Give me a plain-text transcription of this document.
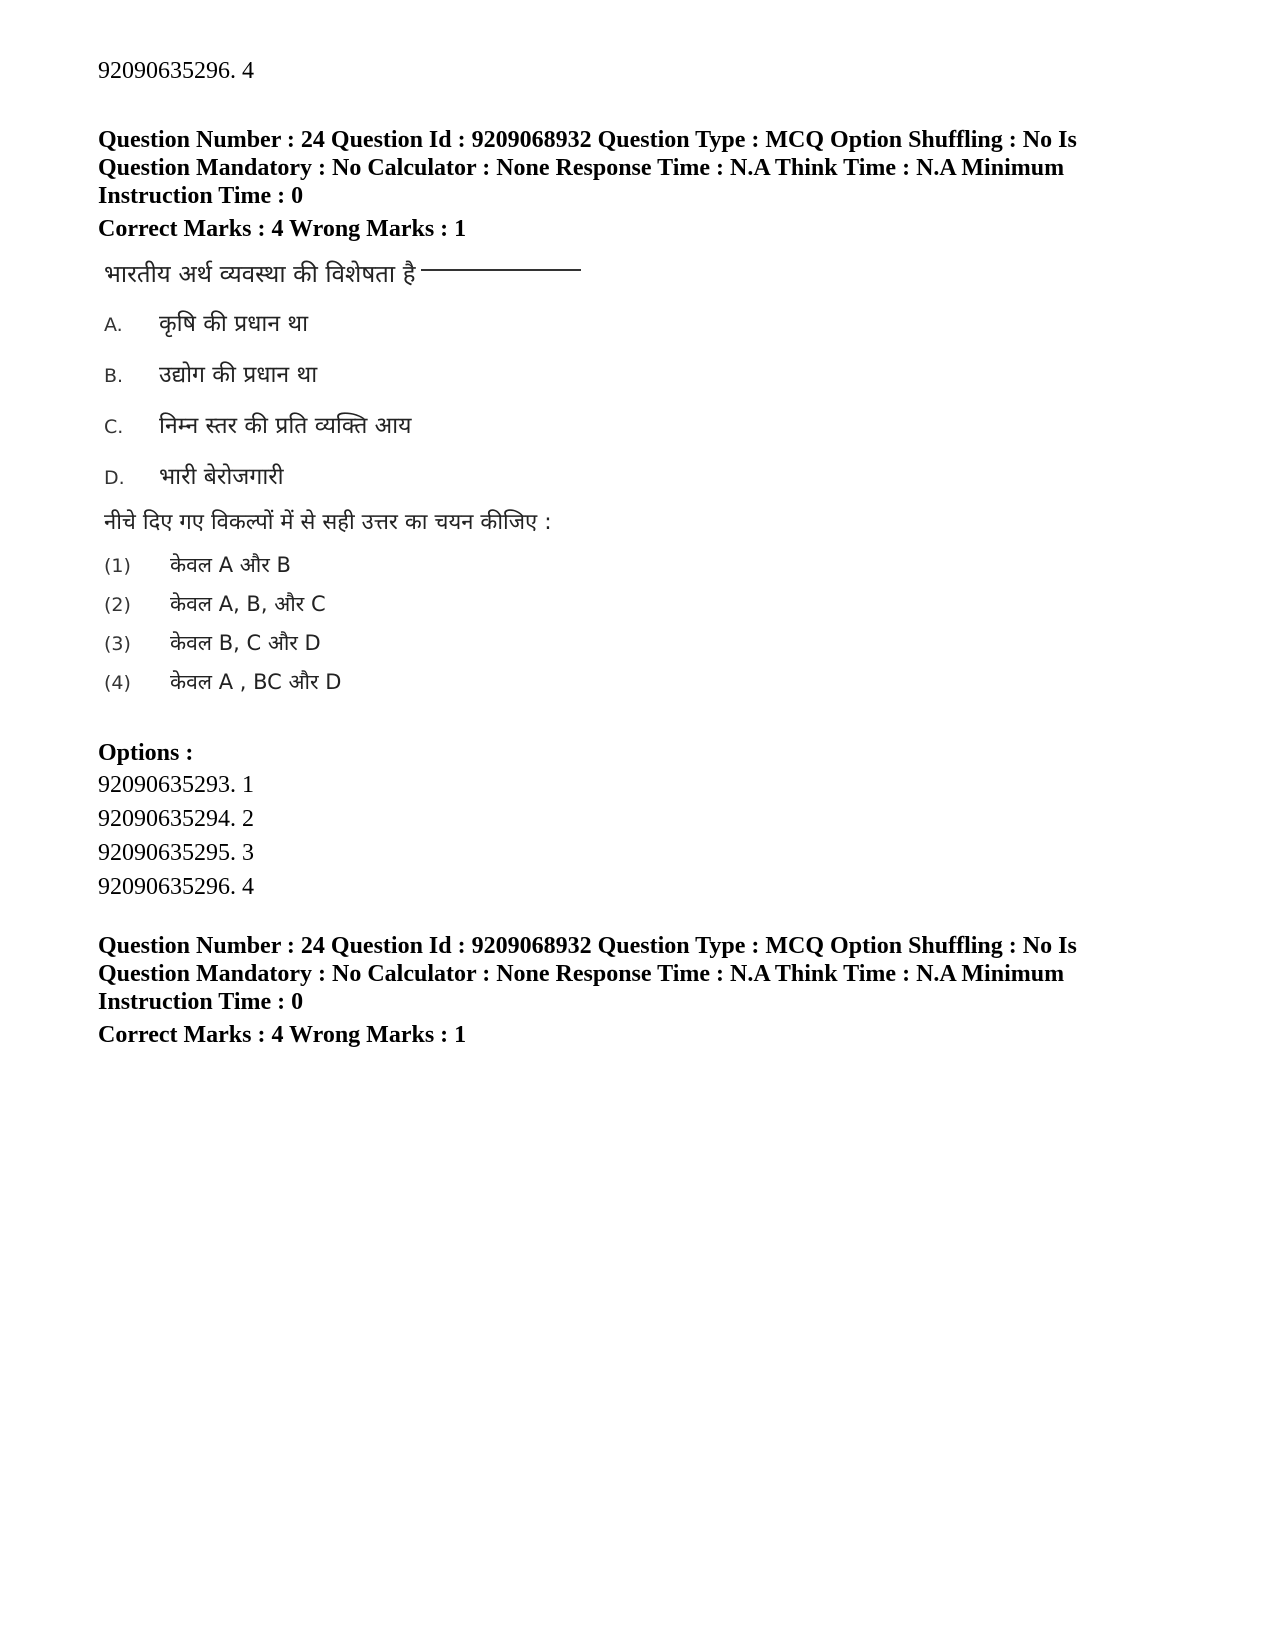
92090635296. 4
Question Number : 24 Question Id : 9209068932 Question Type : MCQ Option Shuffling : No Is
Question Mandatory : No Calculator : None Response Time : N.A Think Time : N.A Minimum
Instruction Time : 0
Correct Marks : 4 Wrong Marks : 1
भारतीय अर्थ व्यवस्था की विशेषता है
A.	कृषि की प्रधान था
B.	उद्योग की प्रधान था
C.	निम्न स्तर की प्रति व्यक्ति आय
D.	भारी बेरोजगारी
नीचे दिए गए विकल्पों में से सही उत्तर का चयन कीजिए :
(1)	केवल A और B
(2)	केवल A, B, और C
(3)	केवल B, C और D
(4)	केवल A , BC और D
Options :
92090635293. 1
92090635294. 2
92090635295. 3
92090635296. 4
Question Number : 24 Question Id : 9209068932 Question Type : MCQ Option Shuffling : No Is
Question Mandatory : No Calculator : None Response Time : N.A Think Time : N.A Minimum
Instruction Time : 0
Correct Marks : 4 Wrong Marks : 1
